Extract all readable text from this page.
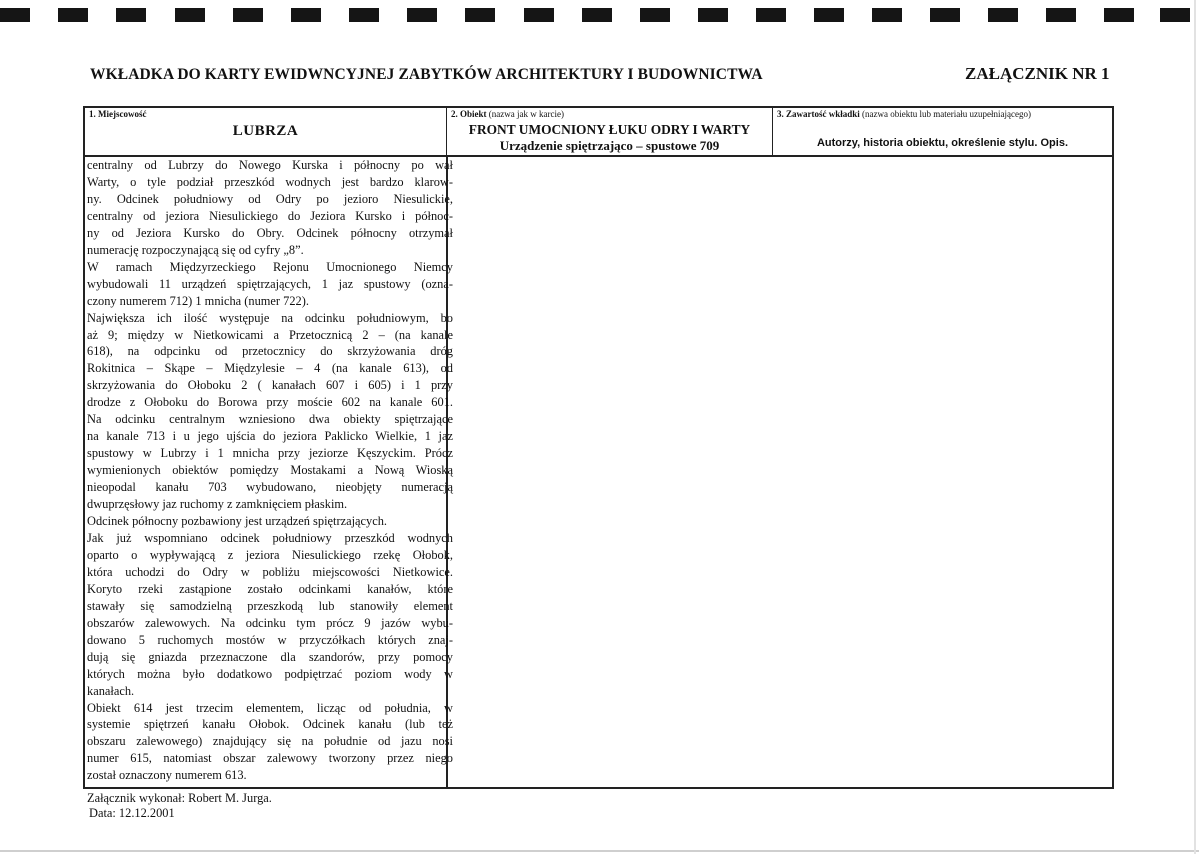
WKŁADKA DO KARTY EWIDWNCYJNEJ ZABYTKÓW ARCHITEKTURY I BUDOWNICTWA	ZAŁĄCZNIK NR 1
1. Miejscowość
LUBRZA
2. Obiekt (nazwa jak w karcie)
FRONT UMOCNIONY ŁUKU ODRY I WARTY
Urządzenie spiętrzająco – spustowe 709
3. Zawartość wkładki (nazwa obiektu lub materiału uzupełniającego)
Autorzy, historia obiektu, określenie stylu. Opis.
centralny od Lubrzy do Nowego Kurska i północny po wał
Warty, o tyle podział przeszkód wodnych jest bardzo klarow-
ny. Odcinek południowy od Odry po jezioro Niesulickie,
centralny od jeziora Niesulickiego do Jeziora Kursko i północ-
ny od Jeziora Kursko do Obry. Odcinek północny otrzymał
numerację rozpoczynającą się od cyfry „8”.
W ramach Międzyrzeckiego Rejonu Umocnionego Niemcy
wybudowali 11 urządzeń spiętrzających, 1 jaz spustowy (ozna-
czony numerem 712) 1 mnicha (numer 722).
Największa ich ilość występuje na odcinku południowym, bo
aż 9; między w Nietkowicami a Przetocznicą 2 – (na kanale
618), na odpcinku od przetocznicy do skrzyżowania dróg
Rokitnica – Skąpe – Międzylesie – 4 (na kanale 613), od
skrzyżowania do Ołoboku 2 ( kanałach 607 i 605) i 1 przy
drodze z Ołoboku do Borowa przy moście 602 na kanale 601.
Na odcinku centralnym wzniesiono dwa obiekty spiętrzające
na kanale 713 i u jego ujścia do jeziora Paklicko Wielkie, 1 jaz
spustowy w Lubrzy i 1 mnicha przy jeziorze Kęszyckim. Prócz
wymienionych obiektów pomiędzy Mostakami a Nową Wioską
nieopodal kanału 703 wybudowano, nieobjęty numeracją
dwuprzęsłowy jaz ruchomy z zamknięciem płaskim.
Odcinek północny pozbawiony jest urządzeń spiętrzających.
Jak już wspomniano odcinek południowy przeszkód wodnych
oparto o wypływającą z jeziora Niesulickiego rzekę Ołobok,
która uchodzi do Odry w pobliżu miejscowości Nietkowice.
Koryto rzeki zastąpione zostało odcinkami kanałów, które
stawały się samodzielną przeszkodą lub stanowiły element
obszarów zalewowych. Na odcinku tym prócz 9 jazów wybu-
dowano 5 ruchomych mostów w przyczółkach których znaj-
dują się gniazda przeznaczone dla szandorów, przy pomocy
których można było dodatkowo podpiętrzać poziom wody w
kanałach.
Obiekt 614 jest trzecim elementem, licząc od południa, w
systemie spiętrzeń kanału Ołobok. Odcinek kanału (lub też
obszaru zalewowego) znajdujący się na południe od jazu nosi
numer 615, natomiast obszar zalewowy tworzony przez niego
został oznaczony numerem 613.
Załącznik wykonał: Robert M. Jurga.
Data: 12.12.2001
